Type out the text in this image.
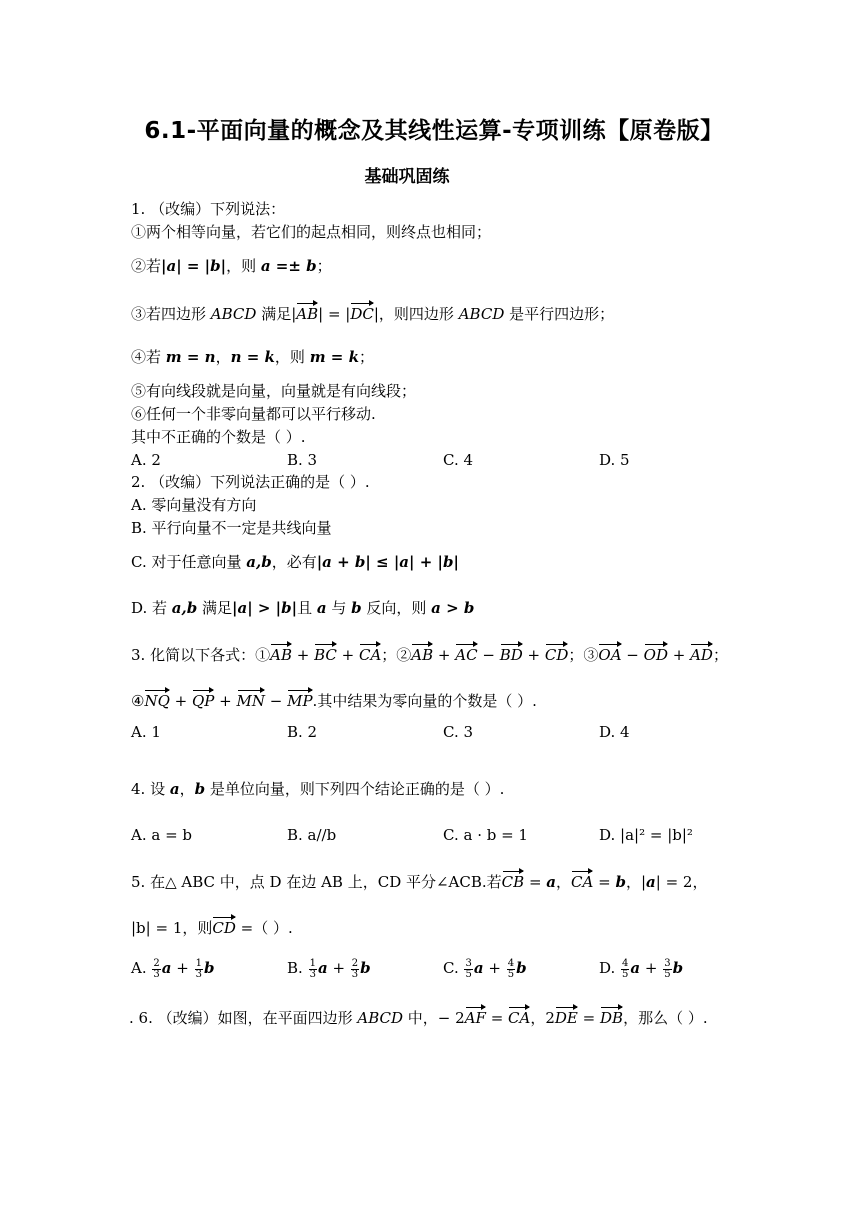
6.1-平面向量的概念及其线性运算-专项训练【原卷版】
基础巩固练
1. （改编）下列说法：
①两个相等向量，若它们的起点相同，则终点也相同；
②若|a| = |b|，则 a =± b；
③若四边形 ABCD 满足|AB| = |DC|，则四边形 ABCD 是平行四边形；
④若 m = n，n = k，则 m = k；
⑤有向线段就是向量，向量就是有向线段；
⑥任何一个非零向量都可以平行移动.
其中不正确的个数是（ ）.
A. 2	B. 3	C. 4	D. 5
2. （改编）下列说法正确的是（ ）.
A. 零向量没有方向
B. 平行向量不一定是共线向量
C. 对于任意向量 a,b，必有|a + b| ≤ |a| + |b|
D. 若 a,b 满足|a| > |b|且 a 与 b 反向，则 a > b
3. 化简以下各式：①AB + BC + CA；②AB + AC − BD + CD；③OA − OD + AD；
④NQ + QP + MN − MP.其中结果为零向量的个数是（ ）.
A. 1	B. 2	C. 3	D. 4
4. 设 a，b 是单位向量，则下列四个结论正确的是（ ）.
A. a = b	B. a//b	C. a · b = 1	D. |a|² = |b|²
5. 在△ ABC 中，点 D 在边 AB 上，CD 平分∠ACB.若CB = a，CA = b，|a| = 2，
|b| = 1，则CD =（ ）.
A. $\frac{2}{3}$ $a + \frac{1}{3}$ b	B. $\frac{1}{3}$ $a + \frac{2}{3}$ b	C. $\frac{3}{5}$ $a + \frac{4}{5}$ b	D. $\frac{4}{5}$ $a + \frac{3}{5}$ b
. 6. （改编）如图，在平面四边形 ABCD 中，− 2AF = CA，2DE = DB，那么（ ）.
